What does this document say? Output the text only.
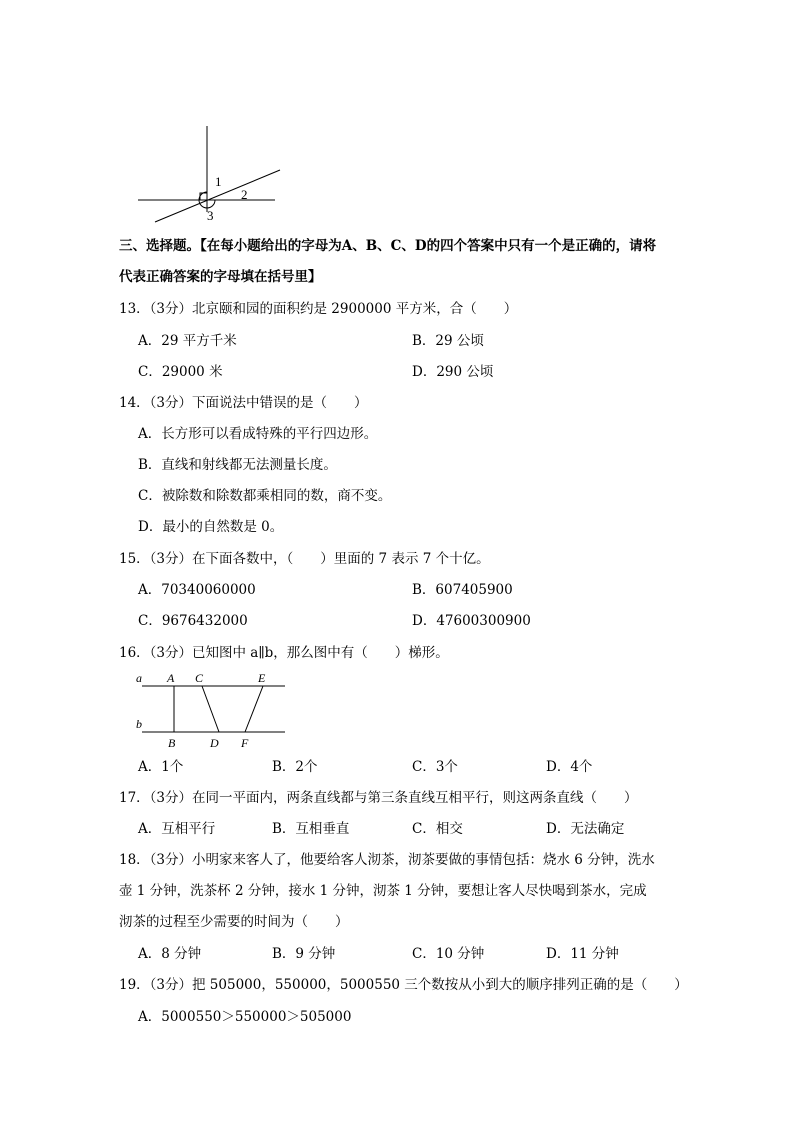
1
2
3
三、选择题。【在每小题给出的字母为A、B、C、D的四个答案中只有一个是正确的，请将
代表正确答案的字母填在括号里】
13．（3分）北京颐和园的面积约是 2900000 平方米，合（　　）
A．29 平方千米	B．29 公顷
C．29000 米	D．290 公顷
14．（3分）下面说法中错误的是（　　）
A．长方形可以看成特殊的平行四边形。
B．直线和射线都无法测量长度。
C．被除数和除数都乘相同的数，商不变。
D．最小的自然数是 0。
15．（3分）在下面各数中，（　　）里面的 7 表示 7 个十亿。
A．70340060000	B．607405900
C．9676432000	D．47600300900
16．（3分）已知图中 a∥b，那么图中有（　　）梯形。
a
b
A C	E
B	D F
A．1个	B．2个	C．3个	D．4个
17．（3分）在同一平面内，两条直线都与第三条直线互相平行，则这两条直线（　　）
A．互相平行	B．互相垂直	C．相交	D．无法确定
18．（3分）小明家来客人了，他要给客人沏茶，沏茶要做的事情包括：烧水 6 分钟，洗水
壶 1 分钟，洗茶杯 2 分钟，接水 1 分钟，沏茶 1 分钟，要想让客人尽快喝到茶水，完成
沏茶的过程至少需要的时间为（　　）
A．8 分钟	B．9 分钟	C．10 分钟	D．11 分钟
19．（3分）把 505000，550000，5000550 三个数按从小到大的顺序排列正确的是（　　）
A．5000550＞550000＞505000
